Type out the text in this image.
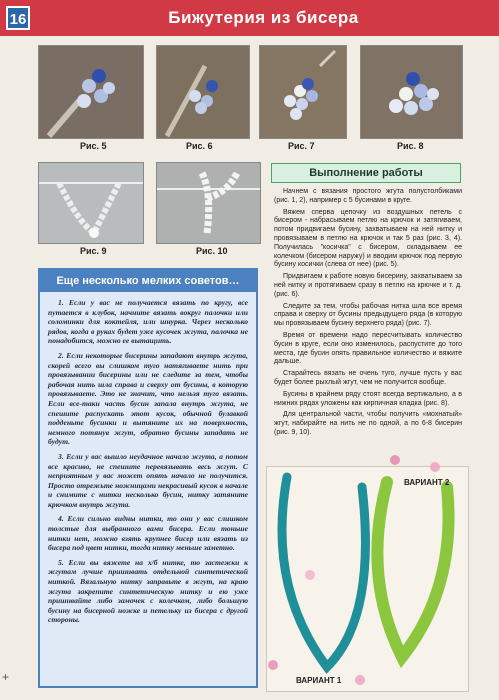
16	Бижутерия из бисера
Рис. 5	Рис. 6	Рис. 7	Рис. 8
Рис. 9	Рис. 10
Еще несколько мелких советов…

1. Если у вас не получается вязать по кругу, все путается в клубок, начните вязать вокруг палочки или соломинки для коктейля, или шнурка. Через несколько рядов, когда в руках будет уже кусочек жгута, палочка не понадобится, можно ее вытащить.

2. Если некоторые бисерины западают внутрь жгута, скорей всего вы слишком туго натягиваете нить при провязывании бисерины или не следите за тем, чтобы рабочая нить шла справа и сверху от бусины, в которую провязываете. Это не значит, что нельзя туго вязать. Если все-таки часть бусин запала внутрь жгута, не спешите распускать этот кусок, обычной булавкой подденьте бусинки и вытяните их на поверхность, немного потянув жгут, обратно бусины западать не будут.

3. Если у вас вышло неудачное начало жгута, а потом все красиво, не спешите перевязывать весь жгут. С неприятным у вас может опять начало не получится. Просто отрежьте ножницами некрасивый кусок в начале и снимите с нитки несколько бусин, нитку затяните крючком внутрь жгута.

4. Если сильно видны нитки, то они у вас слишком толстые для выбранного вами бисера. Если тоньше нитки нет, можно взять крупнее бисер или вязать из бисера под цвет нитки, тогда нитку меньше заметно.

5. Если вы вяжете на х/б нитке, то застежки к жгутам лучше пришивать отдельной синтетической ниткой. Вязальную нитку заправьте в жгут, на краю жгута закрепите синтетическую нитку и ею уже пришивайте либо замочек с колечком, либо большую бусину на бисерной ножке и петельку из бисера с другой стороны.

Выполнение работы

Начнем с вязания простого жгута полустолбиками (рис. 1, 2), например с 5 бусинами в круге.

Вяжем сперва цепочку из воздушных петель с бисером - набрасываем петлю на крючок и затягиваем, потом придвигаем бусину, захватываем на ней нитку и провязываем в петлю на крючок и так 5 раз (рис. 3, 4). Получилась "косичка" с бисером, складываем ее колечком (бисером наружу) и вводим крючок под первую бусину косички (слева от нее) (рис. 5).

Придвигаем к работе новую бисерину, захватываем за ней нитку и протягиваем сразу в петлю на крючке и т. д. (рис. 6).

Следите за тем, чтобы рабочая нитка шла все время справа и сверху от бусины предыдущего ряда (в которую мы провязываем бусину верхнего ряда) (рис. 7).

Время от времени надо пересчитывать количество бусин в круге, если оно изменилось, распустите до того места, где бусин опять правильное количество и вяжите дальше.

Старайтесь вязать не очень туго, лучше пусть у вас будет более рыхлый жгут, чем не получится вообще.

Бусины в крайнем ряду стоят всегда вертикально, а в нижних рядах уложены как кирпичная кладка (рис. 8).

Для центральной части, чтобы получить «мохнатый» жгут, набирайте на нить не по одной, а по 6-8 бисерин (рис. 9, 10).

ВАРИАНТ 1
ВАРИАНТ 2
+
